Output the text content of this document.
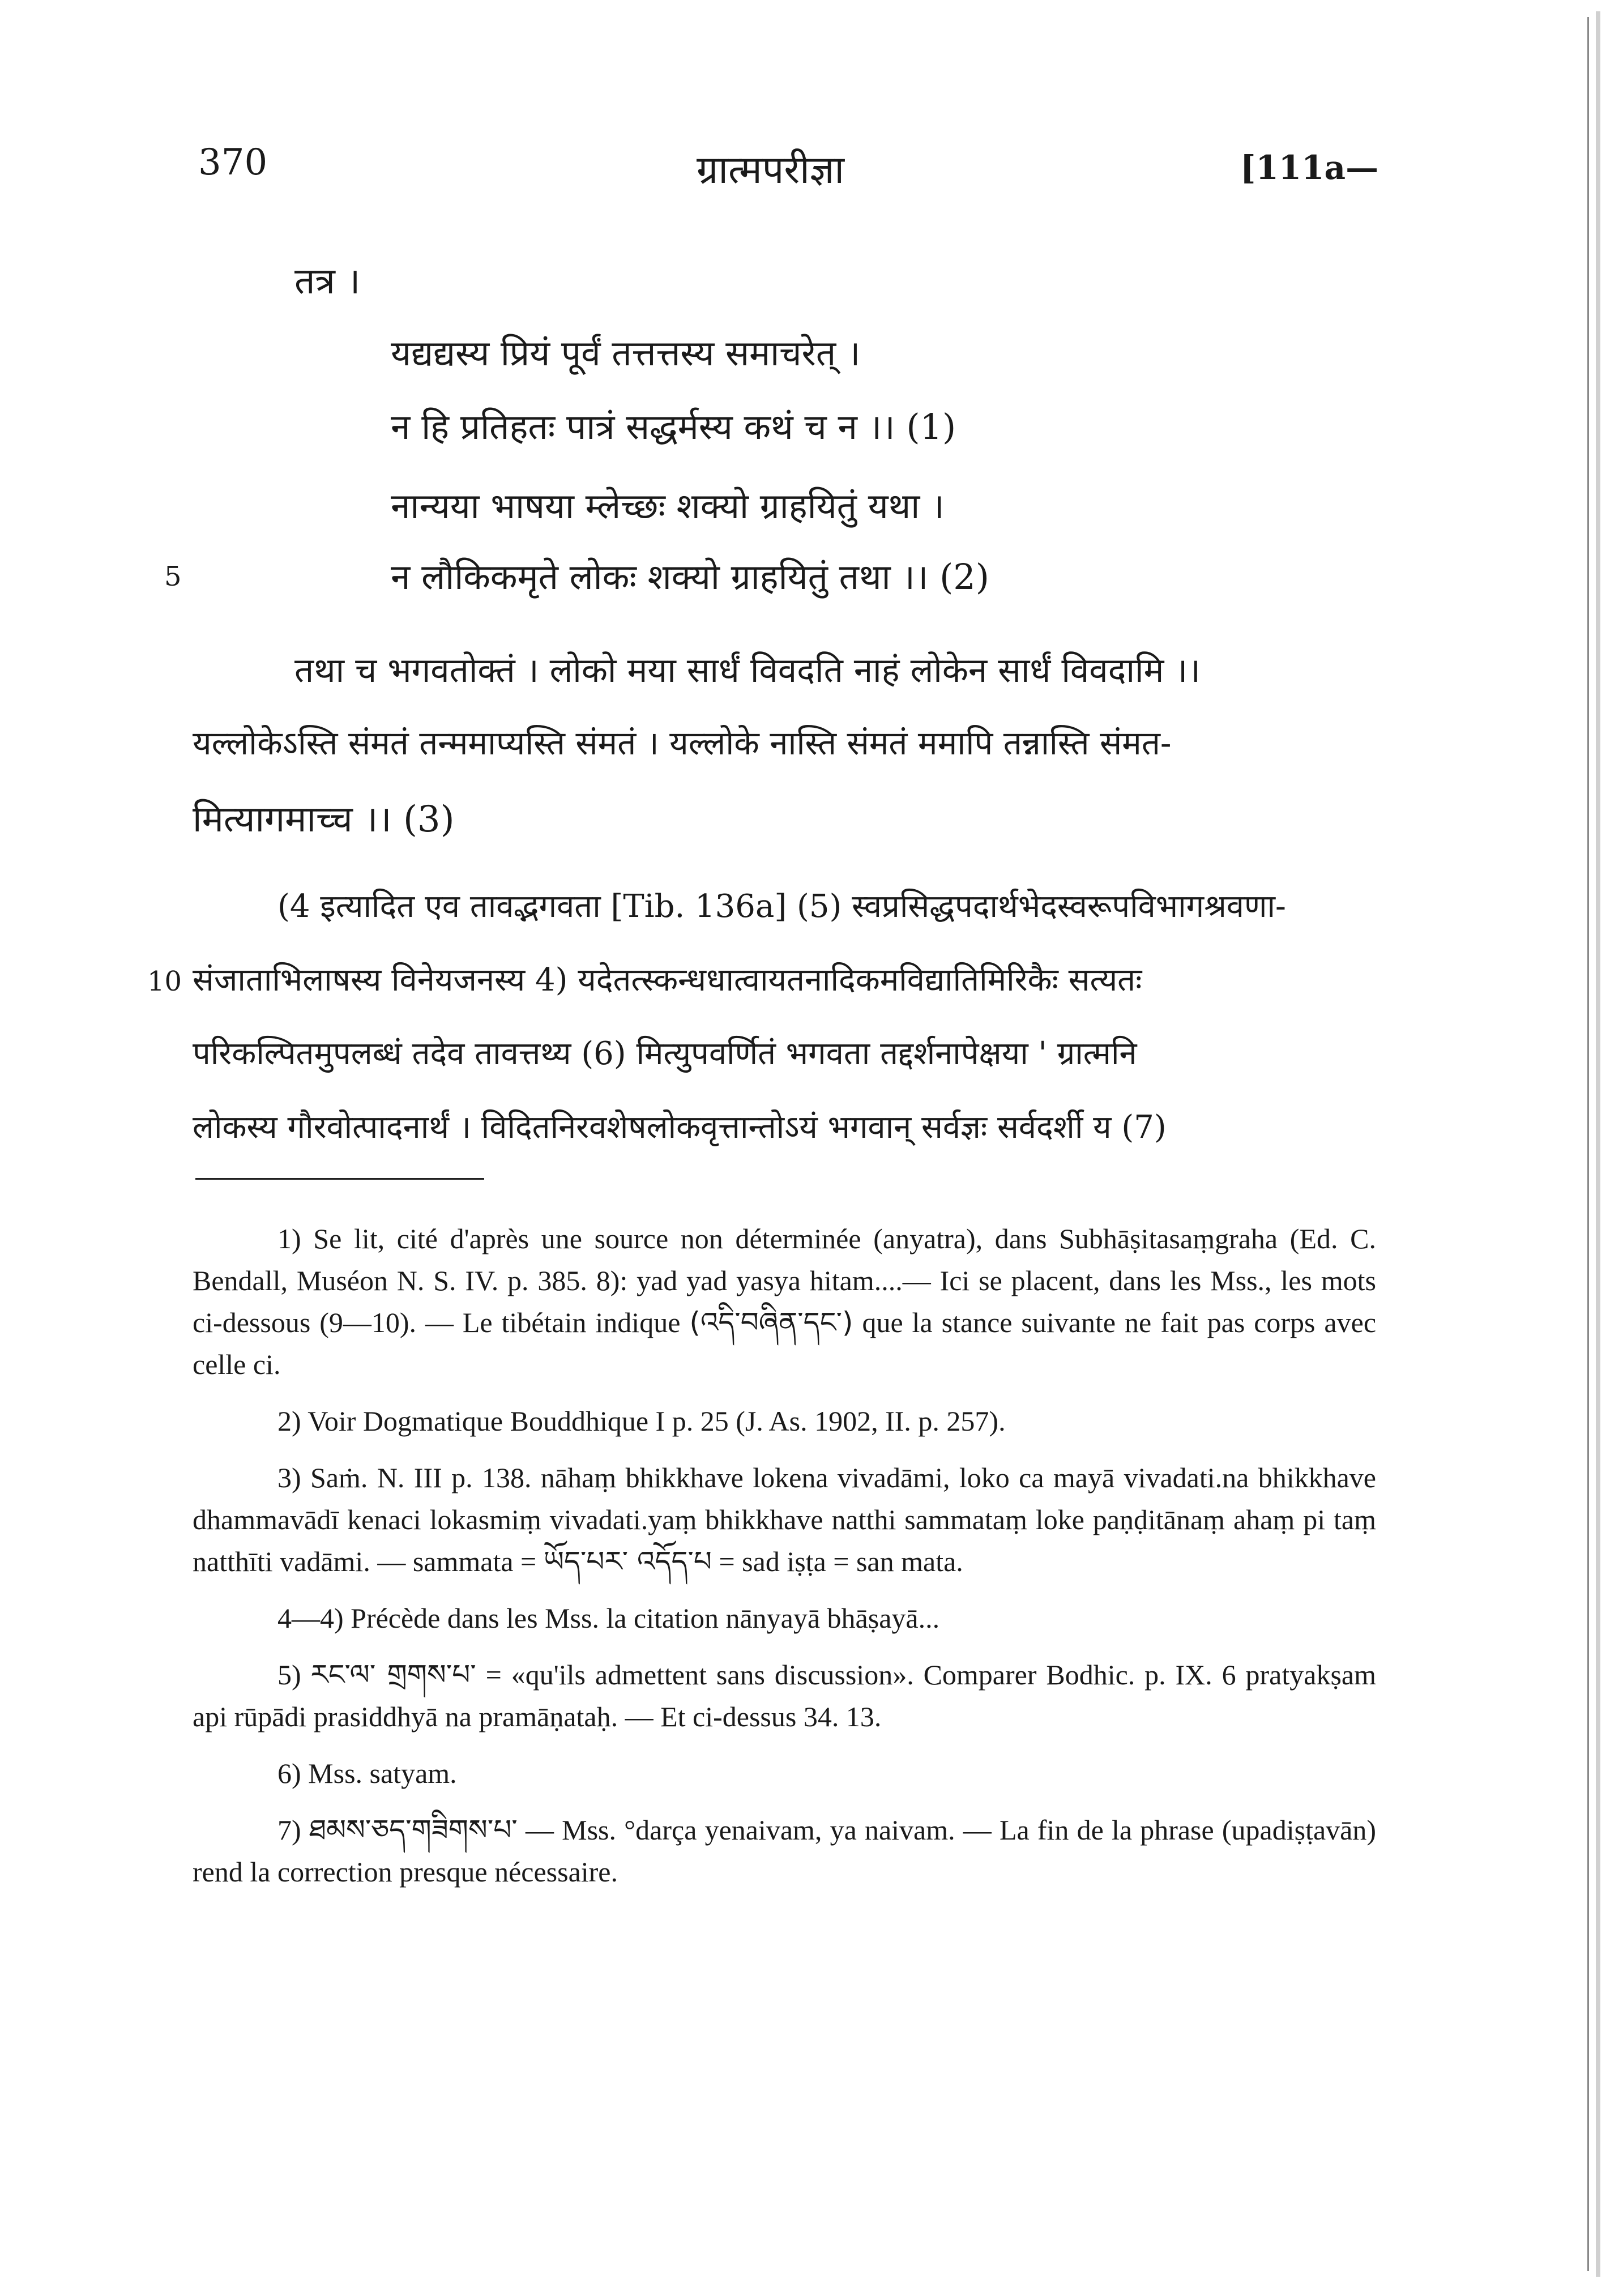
370	ग्रात्मपरीज्ञा	[111a—
तत्र ।
यद्यद्यस्य प्रियं पूर्वं तत्तत्तस्य समाचरेत् ।
न हि प्रतिहतः पात्रं सद्धर्मस्य कथं च न ।। (1)
नान्यया भाषया म्लेच्छः शक्यो ग्राहयितुं यथा ।
5	न लौकिकमृते लोकः शक्यो ग्राहयितुं तथा ।। (2)
तथा च भगवतोक्तं । लोको मया सार्धं विवदति नाहं लोकेन सार्धं विवदामि ।।
यल्लोकेऽस्ति संमतं तन्ममाप्यस्ति संमतं । यल्लोके नास्ति संमतं ममापि तन्नास्ति संमत-
मित्यागमाच्च ।। (3)
(4 इत्यादित एव तावद्भगवता [Tib. 136a] (5) स्वप्रसिद्धपदार्थभेदस्वरूपविभागश्रवणा-
10 संजाताभिलाषस्य विनेयजनस्य 4) यदेतत्स्कन्धधात्वायतनादिकमविद्यातिमिरिकैः सत्यतः
परिकल्पितमुपलब्धं तदेव तावत्तथ्य (6) मित्युपवर्णितं भगवता तद्दर्शनापेक्षया ' ग्रात्मनि
लोकस्य गौरवोत्पादनार्थं । विदितनिरवशेषलोकवृत्तान्तोऽयं भगवान् सर्वज्ञः सर्वदर्शी य (7)

1) Se lit, cité d'après une source non déterminée (anyatra), dans Subhāṣitasaṃgraha (Ed. C. Bendall, Muséon N. S. IV. p. 385. 8): yad yad yasya hitam....— Ici se placent, dans les Mss., les mots ci-dessous (9—10). — Le tibétain indique (འདི་བཞིན་དང་) que la stance suivante ne fait pas corps avec celle ci.

2) Voir Dogmatique Bouddhique I p. 25 (J. As. 1902, II. p. 257).

3) Saṁ. N. III p. 138. nāhaṃ bhikkhave lokena vivadāmi, loko ca mayā vivadati.na bhikkhave dhammavādī kenaci lokasmiṃ vivadati.yaṃ bhikkhave natthi sammataṃ loke paṇḍitānaṃ ahaṃ pi taṃ natthīti vadāmi. — sammata = ཡོད་པར་ འདོད་པ = sad iṣṭa = san mata.

4—4) Précède dans les Mss. la citation nānyayā bhāṣayā...

5) རང་ལ་ གྲགས་པ་ = «qu'ils admettent sans discussion». Comparer Bodhic. p. IX. 6 pratyakṣam api rūpādi prasiddhyā na pramāṇataḥ. — Et ci-dessus 34. 13.

6) Mss. satyam.

7) ཐམས་ཅད་གཟིགས་པ་ — Mss. °darça yenaivam, ya naivam. — La fin de la phrase (upadiṣṭavān) rend la correction presque nécessaire.
